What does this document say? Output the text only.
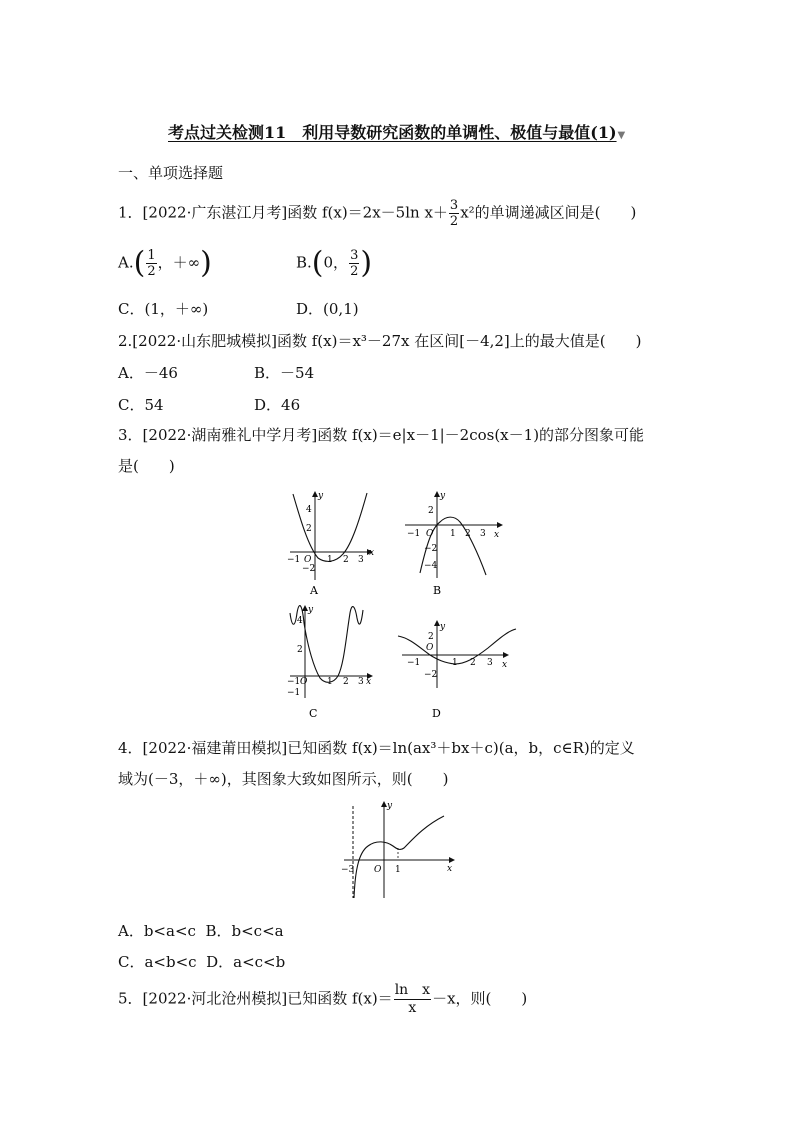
考点过关检测11　利用导数研究函数的单调性、极值与最值(1)▼
一、单项选择题
1．[2022·广东湛江月考]函数 f(x)＝2x－5ln $x+ \frac{3}{2} x^2$的单调递减区间是(　　)
$A.( \frac{1}{2}$ ，＋∞)	B.(0， $\frac{3}{2}$ )
C．(1，＋∞)	D．(0,1)
2.[2022·山东肥城模拟]函数 f(x)＝x³－27x 在区间[－4,2]上的最大值是(　　)
A．－46	B．－54
C．54	D．46
3．[2022·湖南雅礼中学月考]函数 f(x)＝e|x－1|－2cos(x－1)的部分图象可能
是(　　)
y
x
4
2
−2
−1 O 1 2 3
A
y
x
2
−2
−4
−1 O 1 2 3
B
y
x
4
2
−1
−1 O 1 2 3
C
y
x
2
O
−2
−1	1 2 3
D
4．[2022·福建莆田模拟]已知函数 f(x)＝ln(ax³＋bx＋c)(a，b，c∈R)的定义
域为(－3，＋∞)，其图象大致如图所示，则(　　)
y
x
−3 O 1
A．b<a<c B．b<c<a
C．a<b<c D．a<c<b
5．[2022·河北沧州模拟]已知函数 $f(x)= \frac{\text{ln　x}}{x} -x$，则(　　)
